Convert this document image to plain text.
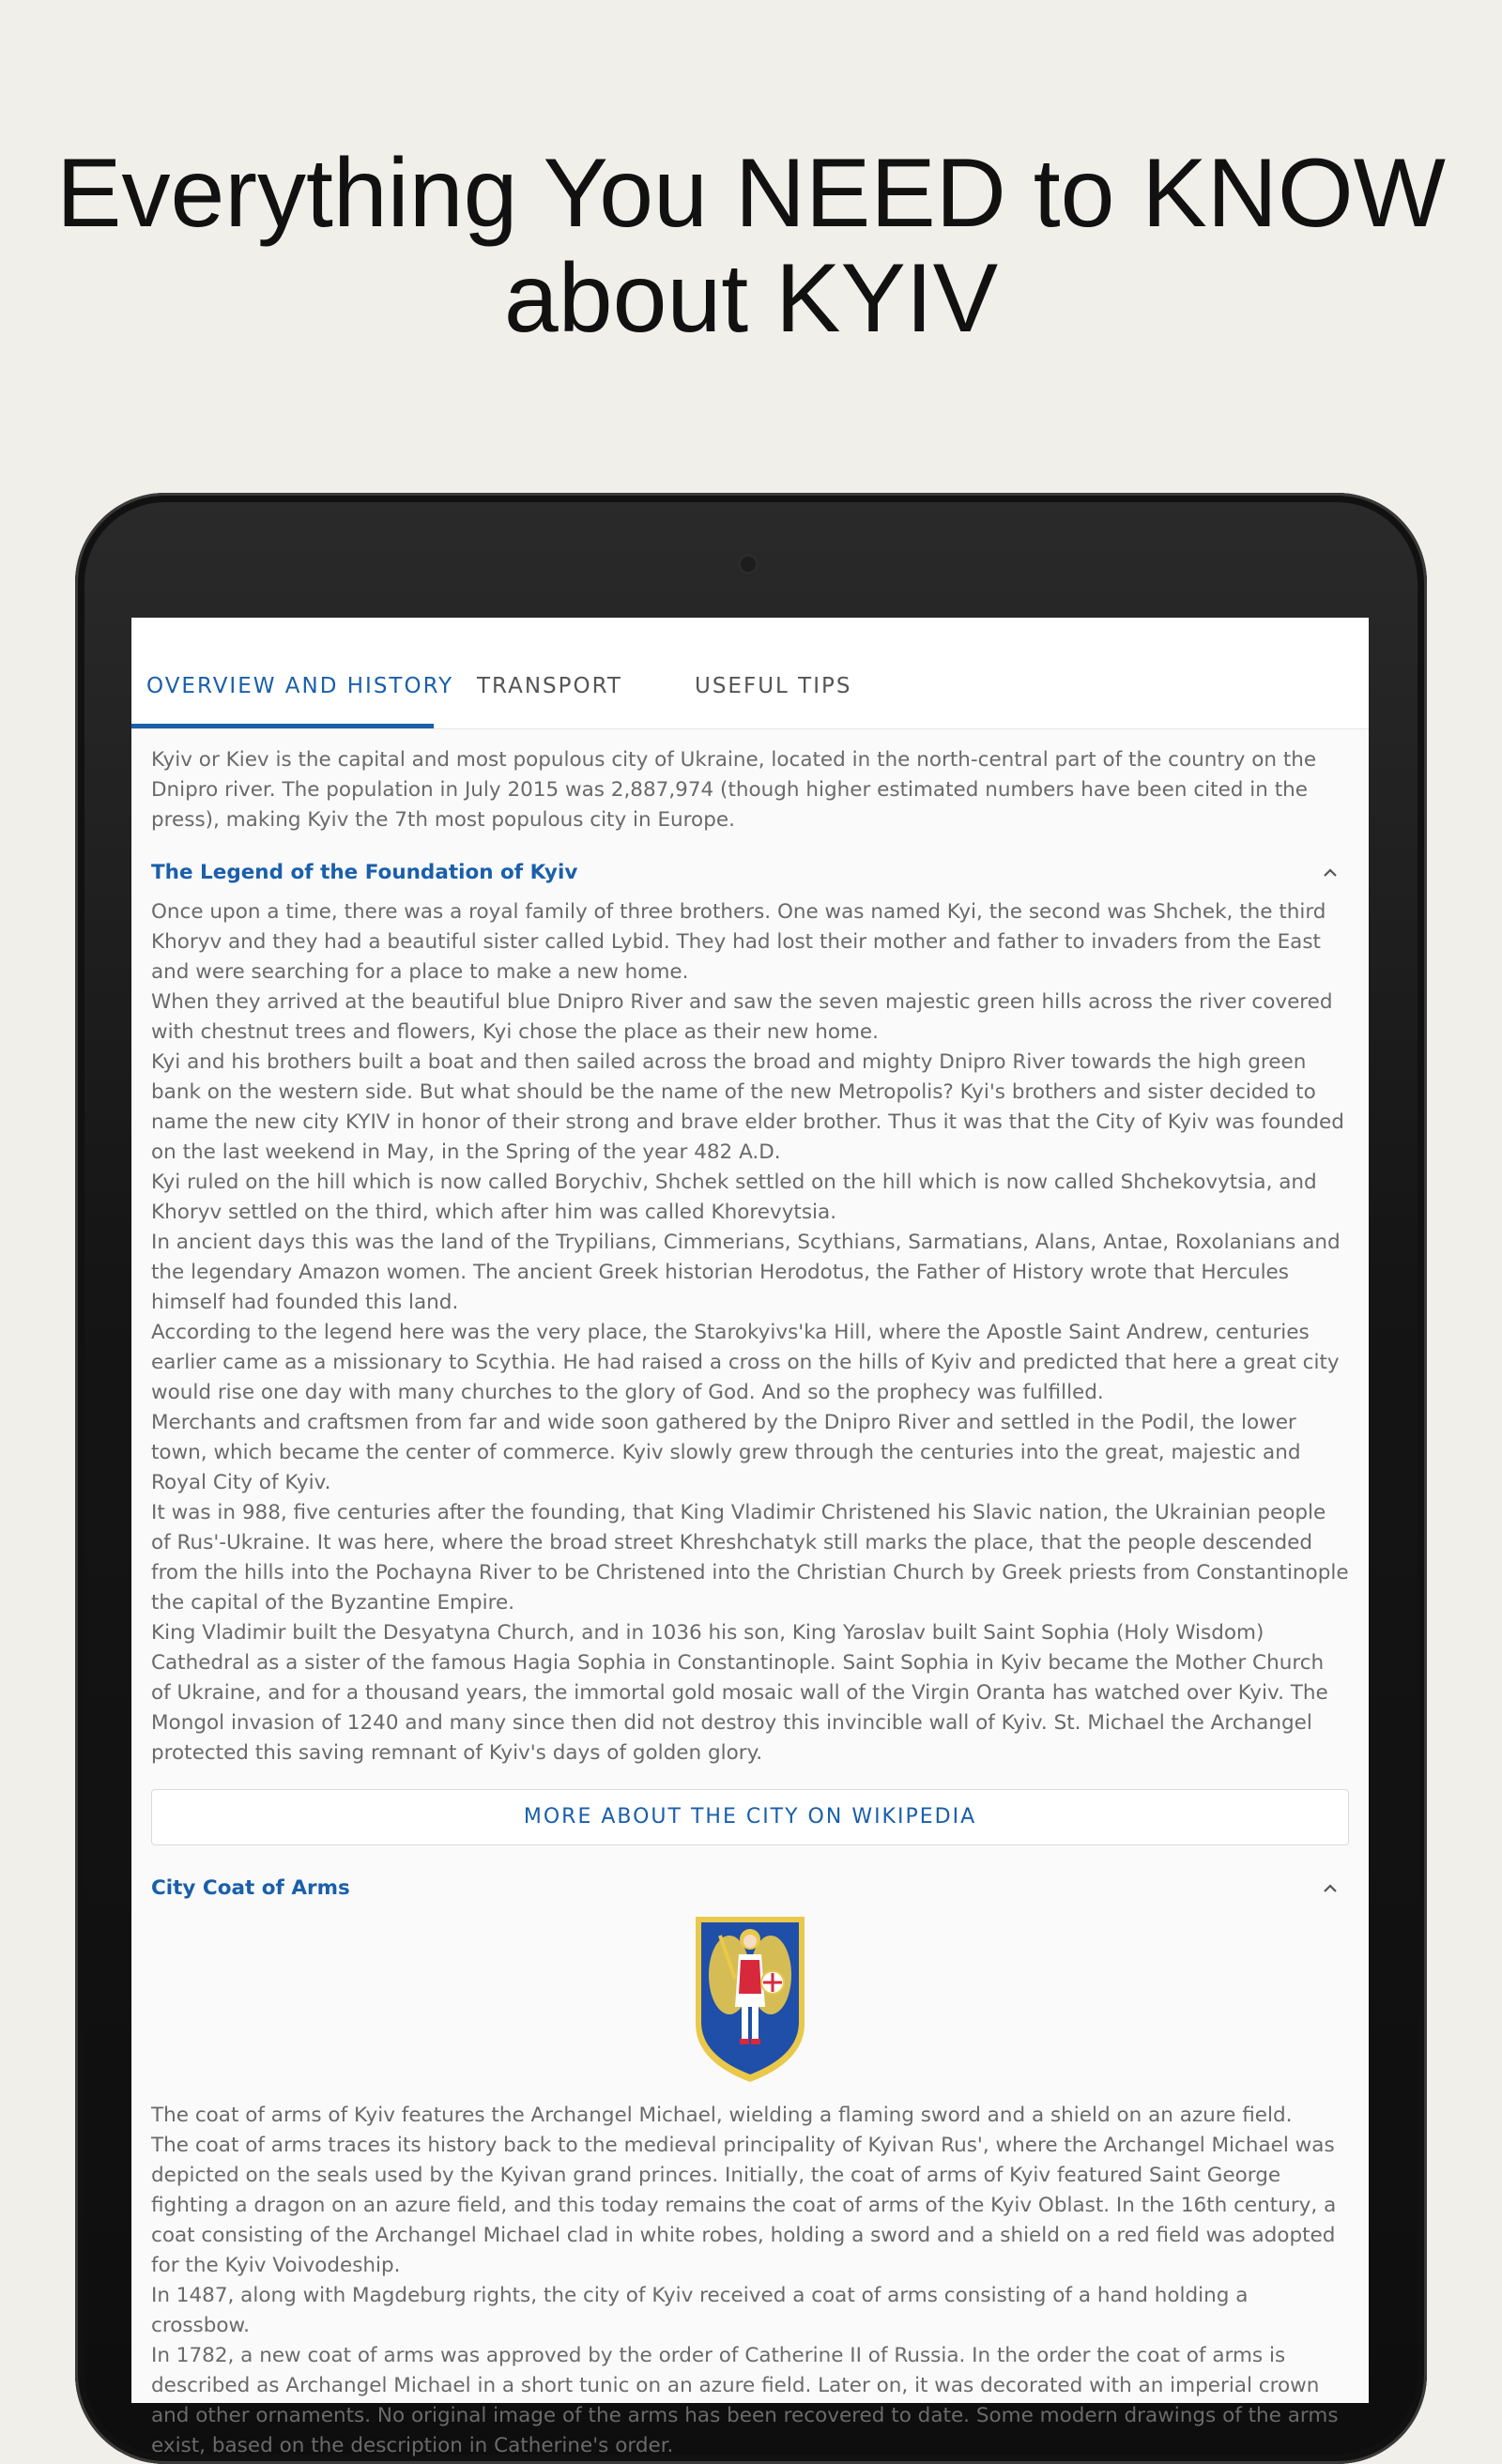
Everything You NEED to KNOW
about KYIV
OVERVIEW AND HISTORY TRANSPORT	USEFUL TIPS

Kyiv or Kiev is the capital and most populous city of Ukraine, located in the north-central part of the country on the Dnipro river. The population in July 2015 was 2,887,974 (though higher estimated numbers have been cited in the press), making Kyiv the 7th most populous city in Europe.

The Legend of the Foundation of Kyiv

Once upon a time, there was a royal family of three brothers. One was named Kyi, the second was Shchek, the third Khoryv and they had a beautiful sister called Lybid. They had lost their mother and father to invaders from the East and were searching for a place to make a new home.

When they arrived at the beautiful blue Dnipro River and saw the seven majestic green hills across the river covered with chestnut trees and flowers, Kyi chose the place as their new home.

Kyi and his brothers built a boat and then sailed across the broad and mighty Dnipro River towards the high green bank on the western side. But what should be the name of the new Metropolis? Kyi's brothers and sister decided to name the new city KYIV in honor of their strong and brave elder brother. Thus it was that the City of Kyiv was founded on the last weekend in May, in the Spring of the year 482 A.D.

Kyi ruled on the hill which is now called Borychiv, Shchek settled on the hill which is now called Shchekovytsia, and Khoryv settled on the third, which after him was called Khorevytsia.

In ancient days this was the land of the Trypilians, Cimmerians, Scythians, Sarmatians, Alans, Antae, Roxolanians and the legendary Amazon women. The ancient Greek historian Herodotus, the Father of History wrote that Hercules himself had founded this land.

According to the legend here was the very place, the Starokyivs'ka Hill, where the Apostle Saint Andrew, centuries earlier came as a missionary to Scythia. He had raised a cross on the hills of Kyiv and predicted that here a great city would rise one day with many churches to the glory of God. And so the prophecy was fulfilled.

Merchants and craftsmen from far and wide soon gathered by the Dnipro River and settled in the Podil, the lower town, which became the center of commerce. Kyiv slowly grew through the centuries into the great, majestic and Royal City of Kyiv.

It was in 988, five centuries after the founding, that King Vladimir Christened his Slavic nation, the Ukrainian people of Rus'-Ukraine. It was here, where the broad street Khreshchatyk still marks the place, that the people descended from the hills into the Pochayna River to be Christened into the Christian Church by Greek priests from Constantinople the capital of the Byzantine Empire.

King Vladimir built the Desyatyna Church, and in 1036 his son, King Yaroslav built Saint Sophia (Holy Wisdom) Cathedral as a sister of the famous Hagia Sophia in Constantinople. Saint Sophia in Kyiv became the Mother Church of Ukraine, and for a thousand years, the immortal gold mosaic wall of the Virgin Oranta has watched over Kyiv. The Mongol invasion of 1240 and many since then did not destroy this invincible wall of Kyiv. St. Michael the Archangel protected this saving remnant of Kyiv's days of golden glory.

MORE ABOUT THE CITY ON WIKIPEDIA
City Coat of Arms

The coat of arms of Kyiv features the Archangel Michael, wielding a flaming sword and a shield on an azure field.

The coat of arms traces its history back to the medieval principality of Kyivan Rus', where the Archangel Michael was depicted on the seals used by the Kyivan grand princes. Initially, the coat of arms of Kyiv featured Saint George fighting a dragon on an azure field, and this today remains the coat of arms of the Kyiv Oblast. In the 16th century, a coat consisting of the Archangel Michael clad in white robes, holding a sword and a shield on a red field was adopted for the Kyiv Voivodeship.

In 1487, along with Magdeburg rights, the city of Kyiv received a coat of arms consisting of a hand holding a crossbow.

In 1782, a new coat of arms was approved by the order of Catherine II of Russia. In the order the coat of arms is described as Archangel Michael in a short tunic on an azure field. Later on, it was decorated with an imperial crown and other ornaments. No original image of the arms has been recovered to date. Some modern drawings of the arms exist, based on the description in Catherine's order.
